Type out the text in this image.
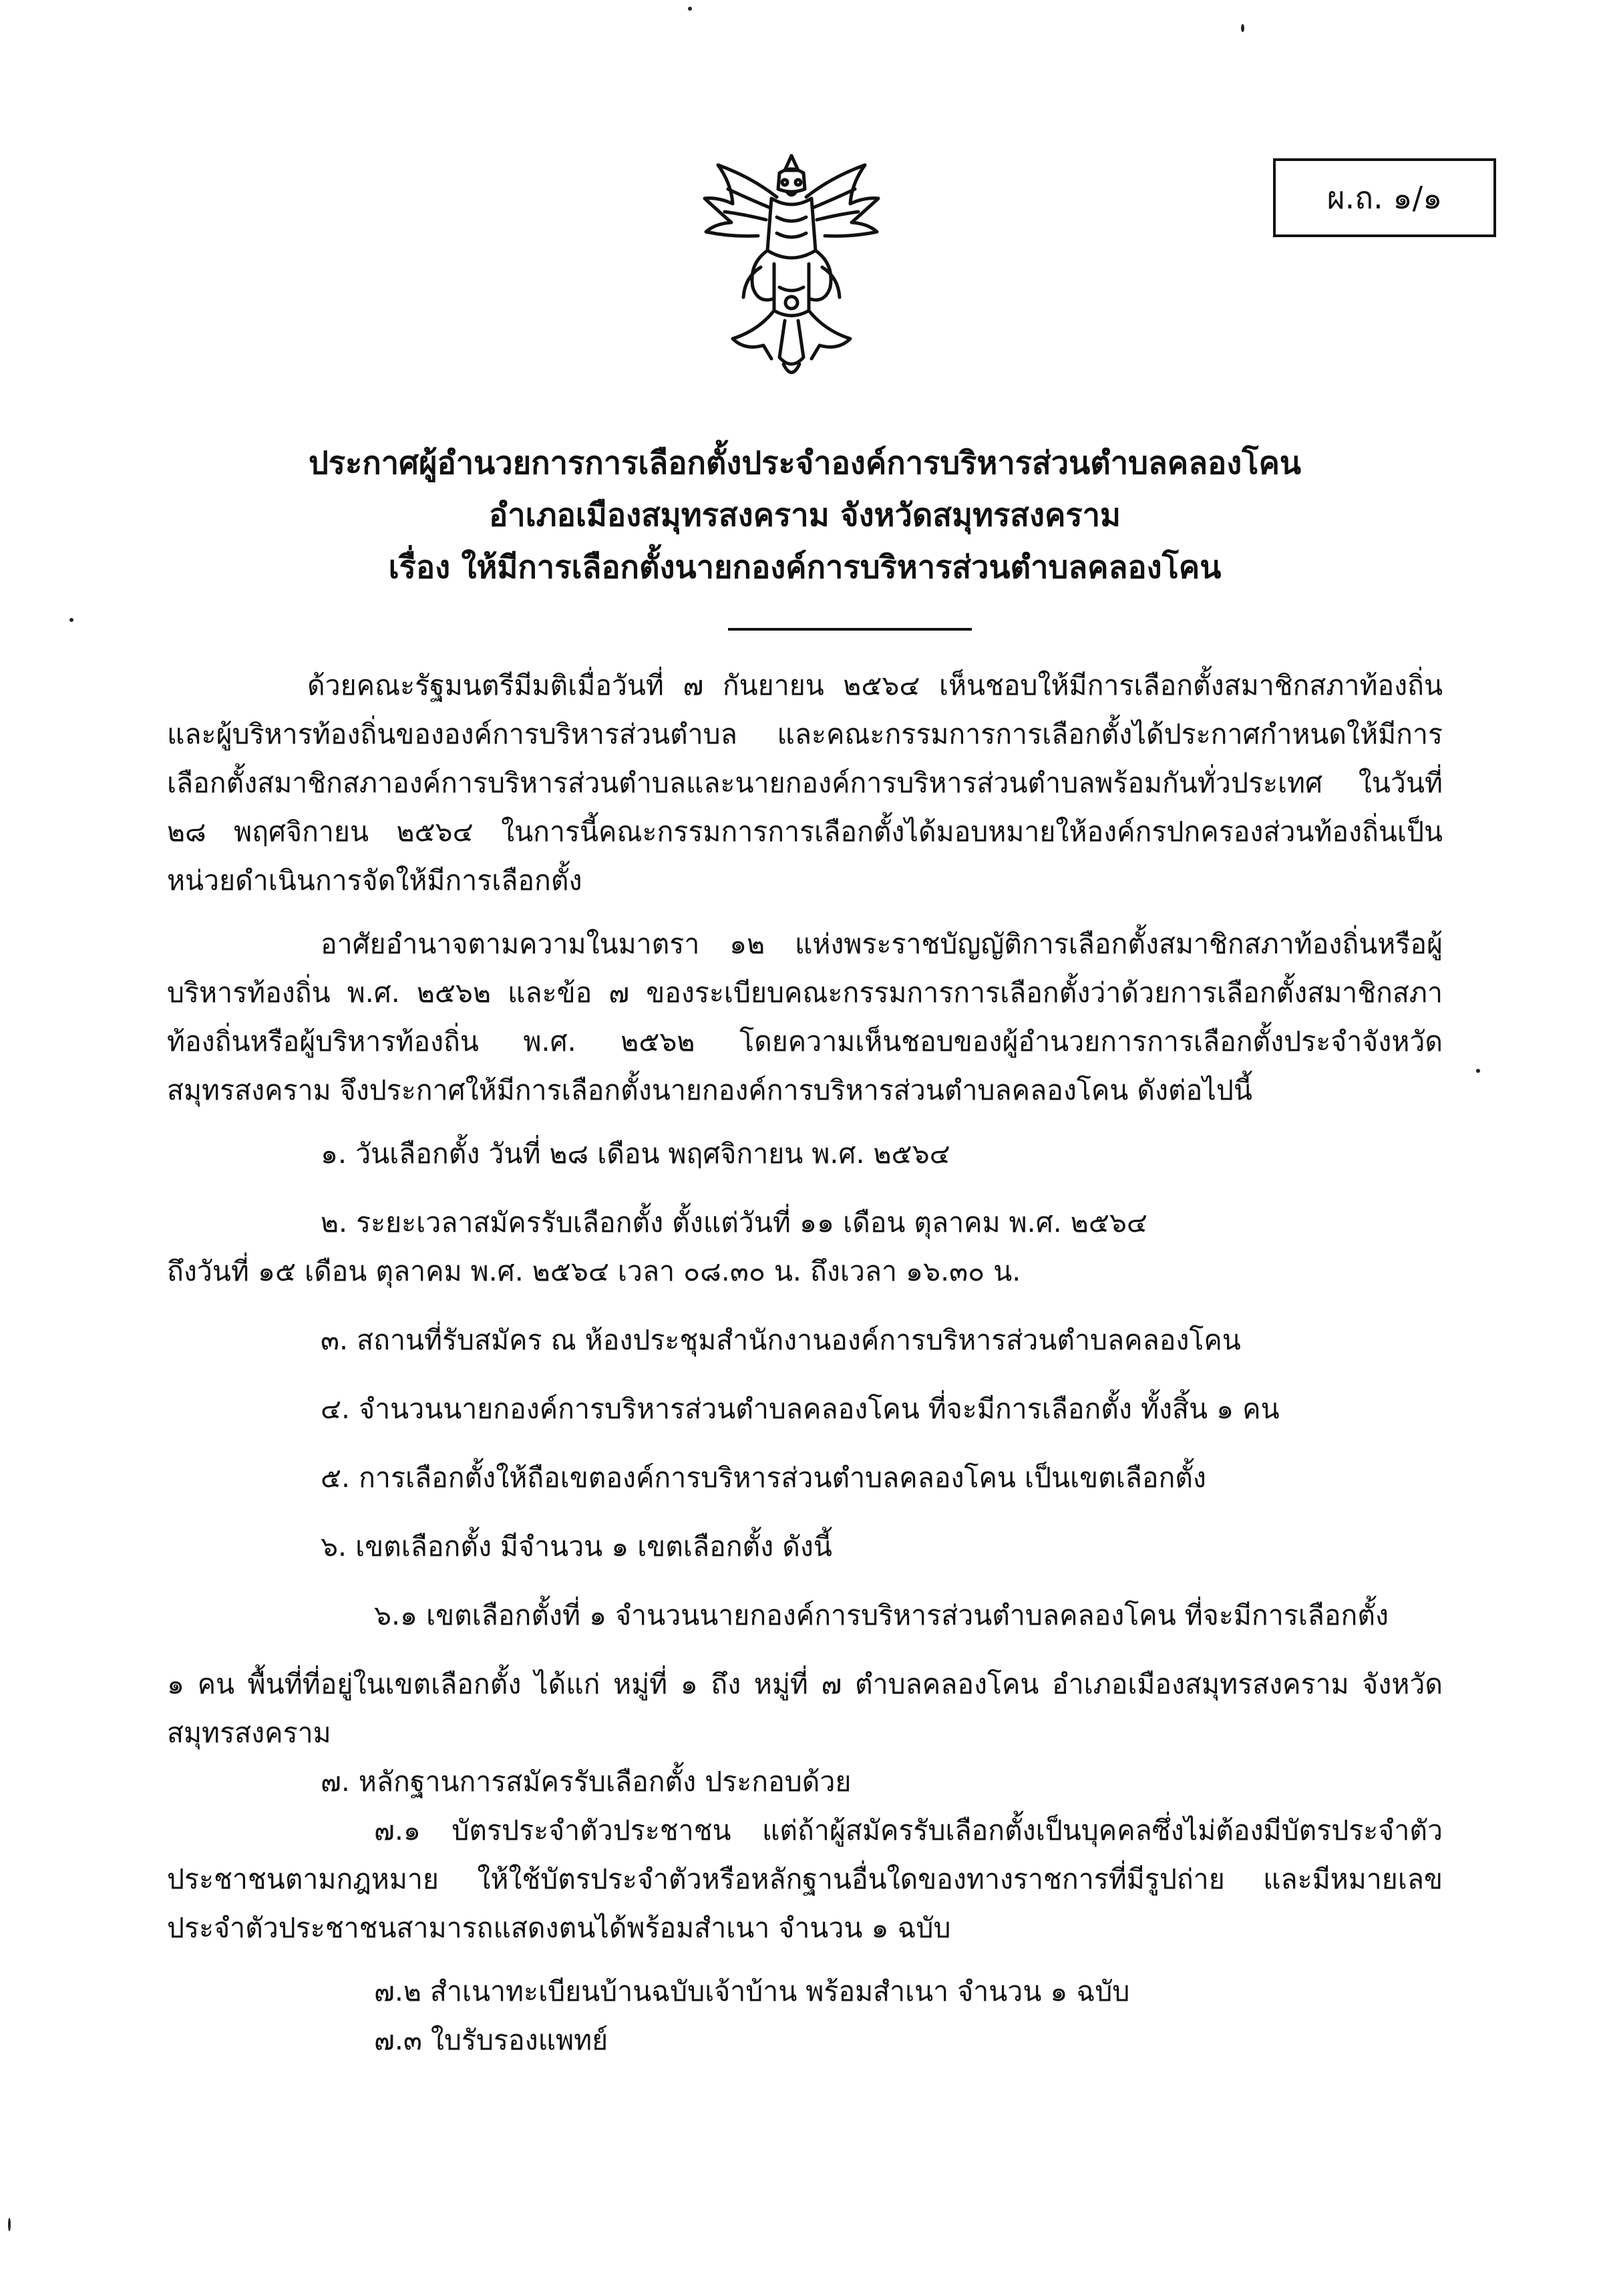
ผ.ถ. ๑/๑
ประกาศผู้อำนวยการการเลือกตั้งประจำองค์การบริหารส่วนตำบลคลองโคน
อำเภอเมืองสมุทรสงคราม จังหวัดสมุทรสงคราม
เรื่อง ให้มีการเลือกตั้งนายกองค์การบริหารส่วนตำบลคลองโคน

ด้วยคณะรัฐมนตรีมีมติเมื่อวันที่ ๗ กันยายน ๒๕๖๔ เห็นชอบให้มีการเลือกตั้งสมาชิกสภาท้องถิ่นและผู้บริหารท้องถิ่นขององค์การบริหารส่วนตำบล และคณะกรรมการการเลือกตั้งได้ประกาศกำหนดให้มีการเลือกตั้งสมาชิกสภาองค์การบริหารส่วนตำบลและนายกองค์การบริหารส่วนตำบลพร้อมกันทั่วประเทศ ในวันที่ ๒๘ พฤศจิกายน ๒๕๖๔ ในการนี้คณะกรรมการการเลือกตั้งได้มอบหมายให้องค์กรปกครองส่วนท้องถิ่นเป็นหน่วยดำเนินการจัดให้มีการเลือกตั้ง

อาศัยอำนาจตามความในมาตรา ๑๒ แห่งพระราชบัญญัติการเลือกตั้งสมาชิกสภาท้องถิ่นหรือผู้บริหารท้องถิ่น พ.ศ. ๒๕๖๒ และข้อ ๗ ของระเบียบคณะกรรมการการเลือกตั้งว่าด้วยการเลือกตั้งสมาชิกสภาท้องถิ่นหรือผู้บริหารท้องถิ่น พ.ศ. ๒๕๖๒ โดยความเห็นชอบของผู้อำนวยการการเลือกตั้งประจำจังหวัดสมุทรสงคราม จึงประกาศให้มีการเลือกตั้งนายกองค์การบริหารส่วนตำบลคลองโคน ดังต่อไปนี้

๑. วันเลือกตั้ง วันที่ ๒๘ เดือน พฤศจิกายน พ.ศ. ๒๕๖๔

๒. ระยะเวลาสมัครรับเลือกตั้ง ตั้งแต่วันที่ ๑๑ เดือน ตุลาคม พ.ศ. ๒๕๖๔

ถึงวันที่ ๑๕ เดือน ตุลาคม พ.ศ. ๒๕๖๔ เวลา ๐๘.๓๐ น. ถึงเวลา ๑๖.๓๐ น.

๓. สถานที่รับสมัคร ณ ห้องประชุมสำนักงานองค์การบริหารส่วนตำบลคลองโคน

๔. จำนวนนายกองค์การบริหารส่วนตำบลคลองโคน ที่จะมีการเลือกตั้ง ทั้งสิ้น ๑ คน

๕. การเลือกตั้งให้ถือเขตองค์การบริหารส่วนตำบลคลองโคน เป็นเขตเลือกตั้ง

๖. เขตเลือกตั้ง มีจำนวน ๑ เขตเลือกตั้ง ดังนี้

๖.๑ เขตเลือกตั้งที่ ๑ จำนวนนายกองค์การบริหารส่วนตำบลคลองโคน ที่จะมีการเลือกตั้ง

๑ คน พื้นที่ที่อยู่ในเขตเลือกตั้ง ได้แก่ หมู่ที่ ๑ ถึง หมู่ที่ ๗ ตำบลคลองโคน อำเภอเมืองสมุทรสงคราม จังหวัดสมุทรสงคราม

๗. หลักฐานการสมัครรับเลือกตั้ง ประกอบด้วย

๗.๑ บัตรประจำตัวประชาชน แต่ถ้าผู้สมัครรับเลือกตั้งเป็นบุคคลซึ่งไม่ต้องมีบัตรประจำตัวประชาชนตามกฎหมาย ให้ใช้บัตรประจำตัวหรือหลักฐานอื่นใดของทางราชการที่มีรูปถ่าย และมีหมายเลขประจำตัวประชาชนสามารถแสดงตนได้พร้อมสำเนา จำนวน ๑ ฉบับ

๗.๒ สำเนาทะเบียนบ้านฉบับเจ้าบ้าน พร้อมสำเนา จำนวน ๑ ฉบับ

๗.๓ ใบรับรองแพทย์
